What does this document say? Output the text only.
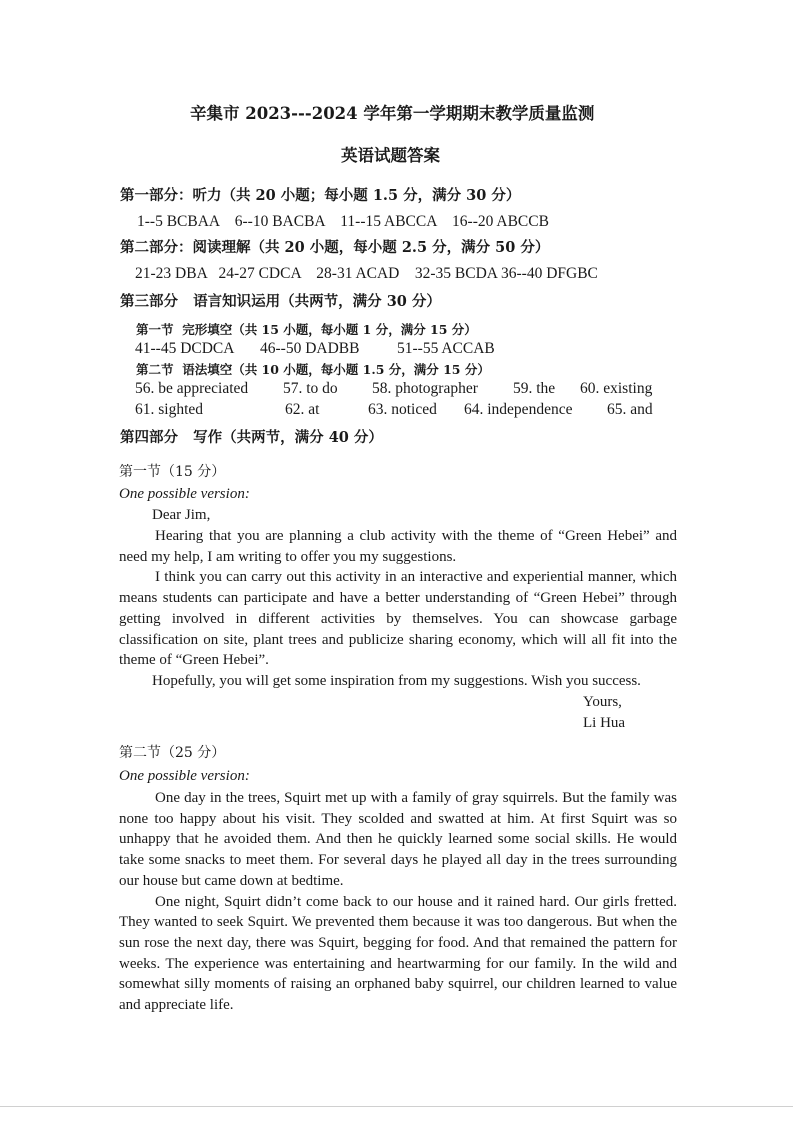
辛集市 2023---2024 学年第一学期期末教学质量监测
英语试题答案
第一部分：听力（共 20 小题；每小题 1.5 分，满分 30 分）
1--5 BCBAA    6--10 BACBA    11--15 ABCCA    16--20 ABCCB
第二部分：阅读理解（共 20 小题，每小题 2.5 分，满分 50 分）
21-23 DBA   24-27 CDCA    28-31 ACAD    32-35 BCDA 36--40 DFGBC
第三部分   语言知识运用（共两节，满分 30 分）
第一节  完形填空（共 15 小题，每小题 1 分，满分 15 分）
41--45 DCDCA 46--50 DADBB 51--55 ACCAB
第二节  语法填空（共 10 小题，每小题 1.5 分，满分 15 分）
56. be appreciated 57. to do 58. photographer 59. the 60. existing
61. sighted	62. at	63. noticed 64. independence 65. and
第四部分   写作（共两节，满分 40 分）
第一节（15 分）
One possible version:
Dear Jim,

Hearing that you are planning a club activity with the theme of “Green Hebei” and need my help, I am writing to offer you my suggestions.

I think you can carry out this activity in an interactive and experiential manner, which means students can participate and have a better understanding of “Green Hebei” through getting involved in different activities by themselves. You can showcase garbage classification on site, plant trees and publicize sharing economy, which will all fit into the theme of “Green Hebei”.

Hopefully, you will get some inspiration from my suggestions. Wish you success.

Yours,
Li Hua
第二节（25 分）
One possible version:

One day in the trees, Squirt met up with a family of gray squirrels. But the family was none too happy about his visit. They scolded and swatted at him. At first Squirt was so unhappy that he avoided them. And then he quickly learned some social skills. He would take some snacks to meet them. For several days he played all day in the trees surrounding our house but came down at bedtime.

One night, Squirt didn’t come back to our house and it rained hard. Our girls fretted. They wanted to seek Squirt. We prevented them because it was too dangerous. But when the sun rose the next day, there was Squirt, begging for food. And that remained the pattern for weeks. The experience was entertaining and heartwarming for our family. In the wild and somewhat silly moments of raising an orphaned baby squirrel, our children learned to value and appreciate life.
